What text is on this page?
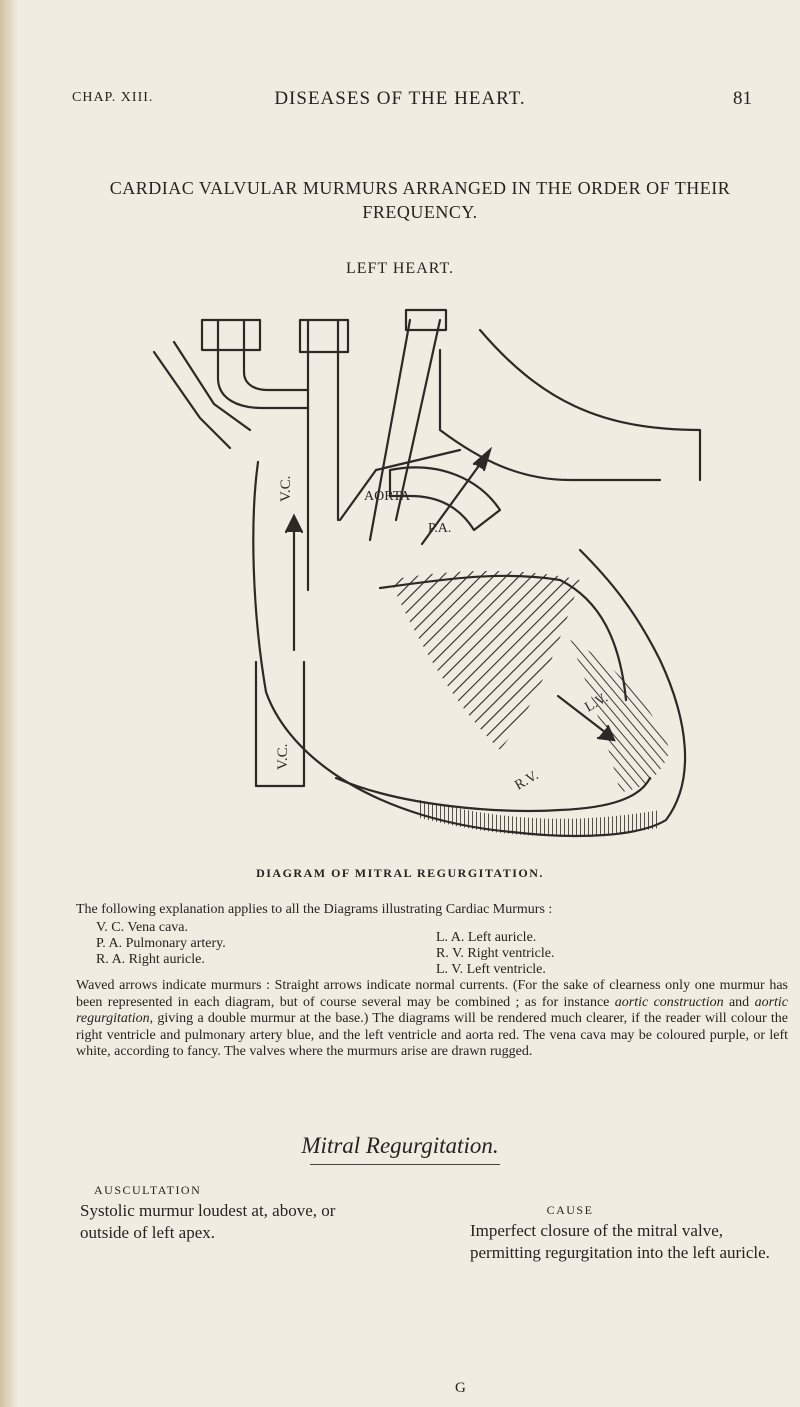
CHAP. XIII.	DISEASES OF THE HEART.	81
CARDIAC VALVULAR MURMURS ARRANGED IN THE ORDER OF THEIR FREQUENCY.
LEFT HEART.
V.C.	AORTA
P.A.
V.C.
L.V.
R.V.
DIAGRAM OF MITRAL REGURGITATION.
The following explanation applies to all the Diagrams illustrating Cardiac Murmurs :
V. C. Vena cava.
L. A. Left auricle.
P. A. Pulmonary artery.
R. V. Right ventricle.
R. A. Right auricle.
L. V. Left ventricle.

Waved arrows indicate murmurs : Straight arrows indicate normal currents. (For the sake of clearness only one murmur has been represented in each diagram, but of course several may be combined ; as for instance aortic construction and aortic regurgitation, giving a double murmur at the base.) The diagrams will be rendered much clearer, if the reader will colour the right ventricle and pulmonary artery blue, and the left ventricle and aorta red. The vena cava may be coloured purple, or left white, according to fancy. The valves where the murmurs arise are drawn rugged.

Mitral Regurgitation.
AUSCULTATION

Systolic murmur loudest at, above, or outside of left apex.

CAUSE

Imperfect closure of the mitral valve, permitting regurgitation into the left auricle.

G
